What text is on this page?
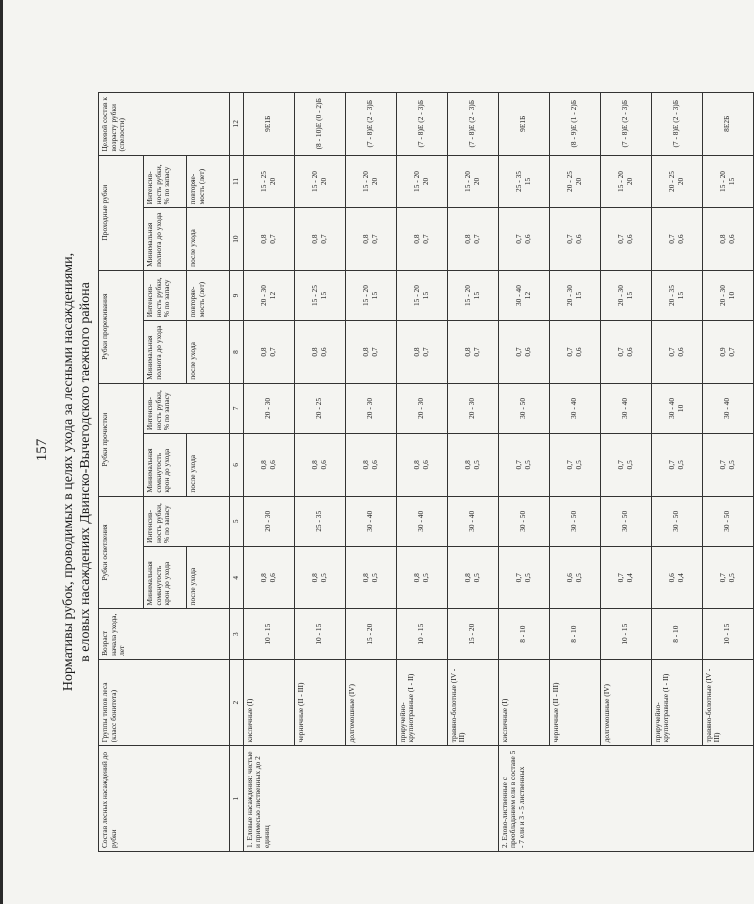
157 Нормативы рубок, проводимых в целях ухода за лесными насаждениями, в еловых насаждениях Двинско-Вычегодского таежного района
Состав лесных насаждений до рубки	Группы типов леса (класс бонитета)	Возраст начала ухода, лет	Рубки осветления		Рубки прочистки		Рубки прореживания		Проходные рубки		Целевой состав к возрасту рубки (спелости)
			Минимальная сомкнутость крон до ухода	Интенсив-ность рубки, % по запасу	Минимальная сомкнутость крон до ухода	Интенсив-ность рубки, % по запасу	Минимальная полнота до ухода	Интенсив-ность рубки, % по запасу	Минимальная полнота до ухода	Интенсив-ность рубки, % по запасу	
			после ухода		после ухода		после ухода	повторяе-мость (лет)	после ухода	повторяе-мость (лет)	
1	2	3	4	5	6	7	8	9	10	11	12
1. Еловые насаждения: чистые и примесью лиственных до 2 единиц	кисличные (I)	10 - 15	0,8 0,6	20 - 30	0,8 0,6	20 - 30	0,8 0,7	20 - 30 12	0,8 0,7	15 - 25 20	9Е1Б
	черничные (II - III)	10 - 15	0,8 0,5	25 - 35	0,8 0,6	20 - 25	0,8 0,6	15 - 25 15	0,8 0,7	15 - 20 20	(8 - 10)Е (0 - 2)Б
	долгомошные (IV)	15 - 20	0,8 0,5	30 - 40	0,8 0,6	20 - 30	0,8 0,7	15 - 20 15	0,8 0,7	15 - 20 20	(7 - 8)Е (2 - 3)Б
	приручейно-крупнотравные (I - II)	10 - 15	0,8 0,5	30 - 40	0,8 0,6	20 - 30	0,8 0,7	15 - 20 15	0,8 0,7	15 - 20 20	(7 - 8)Е (2 - 3)Б
	травяно-болотные (IV - III)	15 - 20	0,8 0,5	30 - 40	0,8 0,5	20 - 30	0,8 0,7	15 - 20 15	0,8 0,7	15 - 20 20	(7 - 8)Е (2 - 3)Б
2. Елово-лиственные с преобладанием ели в составе 5 - 7 ели и 3 - 5 лиственных	кисличные (I)	8 - 10	0,7 0,5	30 - 50	0,7 0,5	30 - 50	0,7 0,6	30 - 40 12	0,7 0,6	25 - 35 15	9Е1Б
	черничные (II - III)	8 - 10	0,6 0,5	30 - 50	0,7 0,5	30 - 40	0,7 0,6	20 - 30 15	0,7 0,6	20 - 25 20	(8 - 9)Е (1 - 2)Б
	долгомошные (IV)	10 - 15	0,7 0,4	30 - 50	0,7 0,5	30 - 40	0,7 0,6	20 - 30 15	0,7 0,6	15 - 20 20	(7 - 8)Е (2 - 3)Б
	приручейно-крупнотравные (I - II)	8 - 10	0,6 0,4	30 - 50	0,7 0,5	30 - 40 10	0,7 0,6	20 - 35 15	0,7 0,6	20 - 25 20	(7 - 8)Е (2 - 3)Б
	травяно-болотные (IV - III)	10 - 15	0,7 0,5	30 - 50	0,7 0,5	30 - 40	0,9 0,7	20 - 30 10	0,8 0,6	15 - 20 15	8Е2Б
